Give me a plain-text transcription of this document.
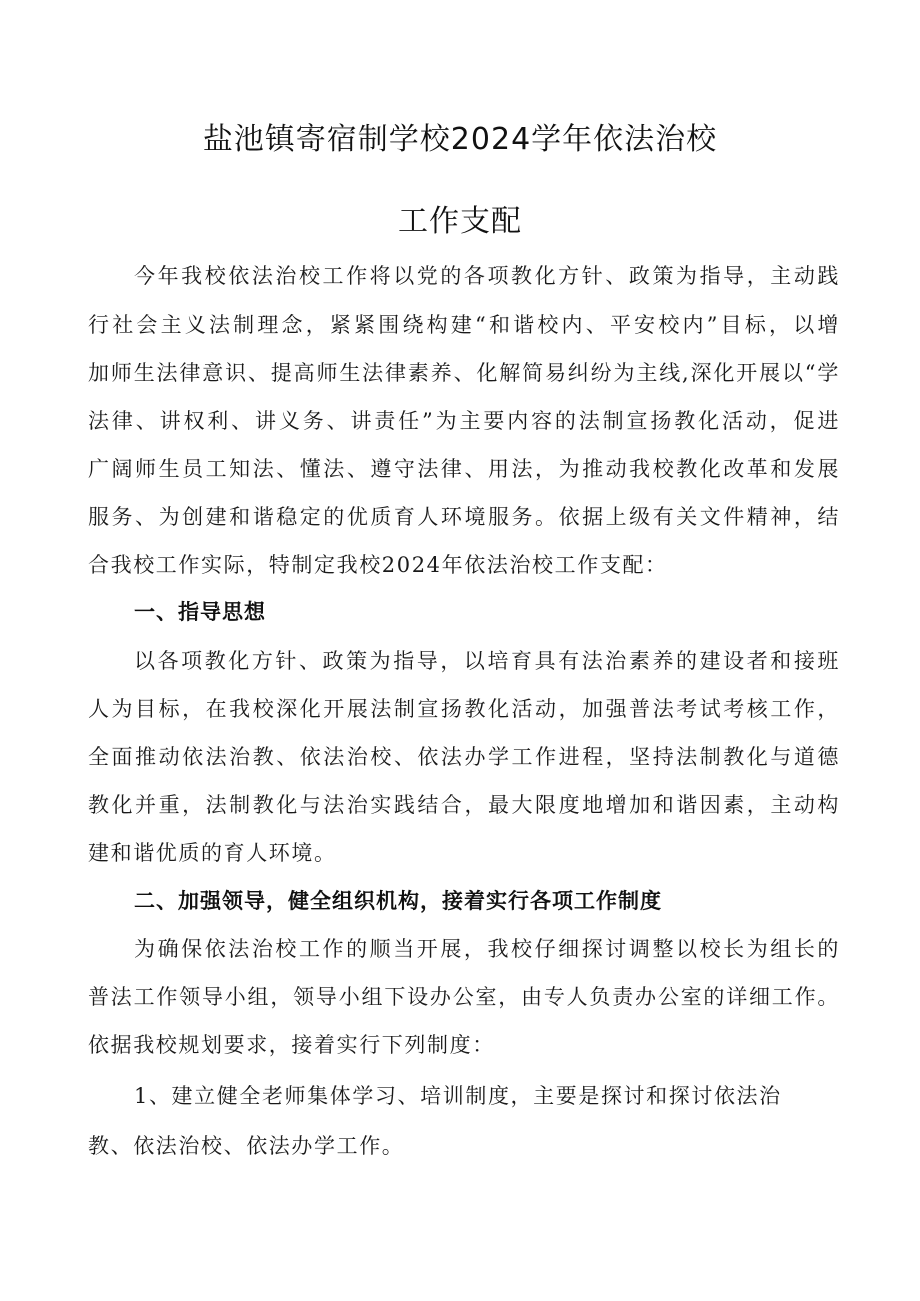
盐池镇寄宿制学校2024学年依法治校
工作支配

今年我校依法治校工作将以党的各项教化方针、政策为指导，主动践

行社会主义法制理念，紧紧围绕构建“和谐校内、平安校内”目标，以增

加师生法律意识、提高师生法律素养、化解简易纠纷为主线,深化开展以“学

法律、讲权利、讲义务、讲责任”为主要内容的法制宣扬教化活动，促进

广阔师生员工知法、懂法、遵守法律、用法，为推动我校教化改革和发展

服务、为创建和谐稳定的优质育人环境服务。依据上级有关文件精神，结

合我校工作实际，特制定我校2024年依法治校工作支配：

一、指导思想

以各项教化方针、政策为指导，以培育具有法治素养的建设者和接班

人为目标，在我校深化开展法制宣扬教化活动，加强普法考试考核工作，

全面推动依法治教、依法治校、依法办学工作进程，坚持法制教化与道德

教化并重，法制教化与法治实践结合，最大限度地增加和谐因素，主动构

建和谐优质的育人环境。

二、加强领导，健全组织机构，接着实行各项工作制度

为确保依法治校工作的顺当开展，我校仔细探讨调整以校长为组长的

普法工作领导小组，领导小组下设办公室，由专人负责办公室的详细工作。

依据我校规划要求，接着实行下列制度：

1、建立健全老师集体学习、培训制度，主要是探讨和探讨依法治

教、依法治校、依法办学工作。
